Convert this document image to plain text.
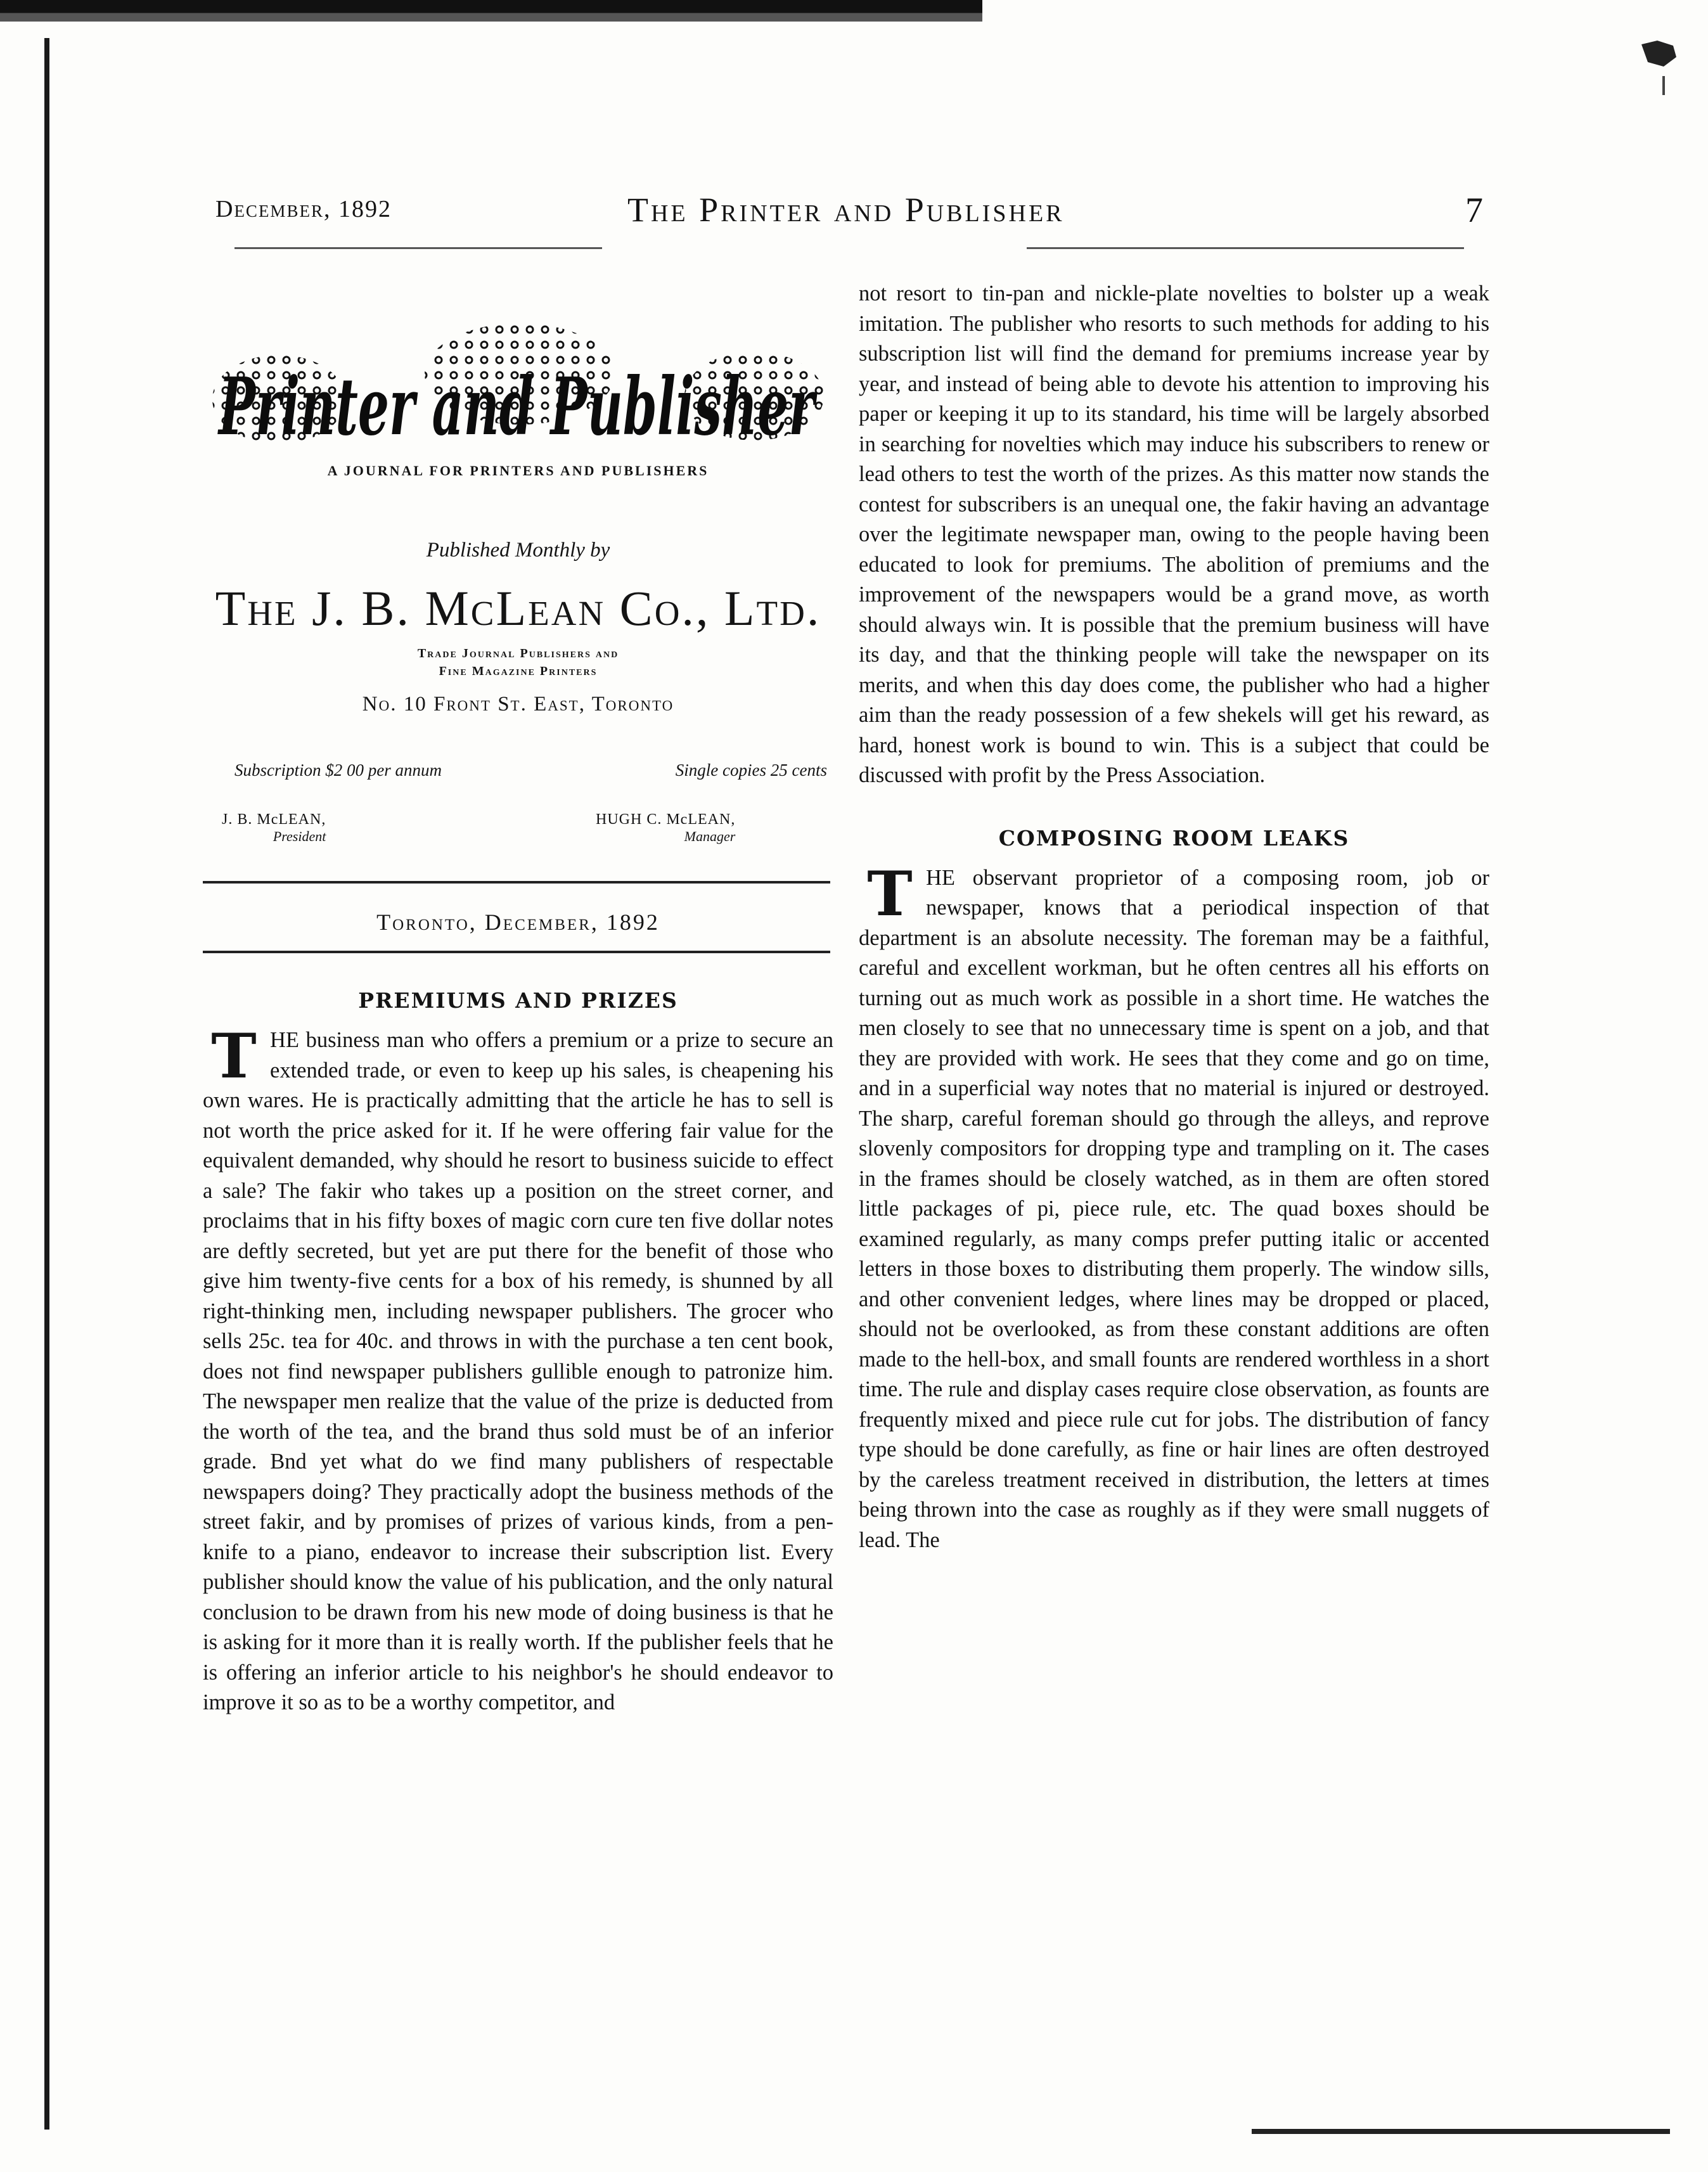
December, 1892	The Printer and Publisher	7
Printer and Publisher
A JOURNAL FOR PRINTERS AND PUBLISHERS
Published Monthly by
The J. B. McLean Co., Ltd.
Trade Journal Publishers and
Fine Magazine Printers
No. 10 Front St. East, Toronto
Subscription $2 00 per annum	Single copies 25 cents
J. B. McLEAN,
President
HUGH C. McLEAN,
Manager
Toronto, December, 1892
PREMIUMS AND PRIZES

THE business man who offers a premium or a prize to secure an extended trade, or even to keep up his sales, is cheapening his own wares. He is practically admitting that the article he has to sell is not worth the price asked for it. If he were offering fair value for the equivalent demanded, why should he resort to business suicide to effect a sale? The fakir who takes up a position on the street corner, and proclaims that in his fifty boxes of magic corn cure ten five dollar notes are deftly secreted, but yet are put there for the benefit of those who give him twenty-five cents for a box of his remedy, is shunned by all right-thinking men, including newspaper publishers. The grocer who sells 25c. tea for 40c. and throws in with the purchase a ten cent book, does not find newspaper publishers gullible enough to patronize him. The newspaper men realize that the value of the prize is deducted from the worth of the tea, and the brand thus sold must be of an inferior grade. Bnd yet what do we find many publishers of respectable newspapers doing? They practically adopt the business methods of the street fakir, and by promises of prizes of various kinds, from a pen-knife to a piano, endeavor to increase their subscription list. Every publisher should know the value of his publication, and the only natural conclusion to be drawn from his new mode of doing business is that he is asking for it more than it is really worth. If the publisher feels that he is offering an inferior article to his neighbor's he should endeavor to improve it so as to be a worthy competitor, and

not resort to tin-pan and nickle-plate novelties to bolster up a weak imitation. The publisher who resorts to such methods for adding to his subscription list will find the demand for premiums increase year by year, and instead of being able to devote his attention to improving his paper or keeping it up to its standard, his time will be largely absorbed in searching for novelties which may induce his subscribers to renew or lead others to test the worth of the prizes. As this matter now stands the contest for subscribers is an unequal one, the fakir having an advantage over the legitimate newspaper man, owing to the people having been educated to look for premiums. The abolition of premiums and the improvement of the newspapers would be a grand move, as worth should always win. It is possible that the premium business will have its day, and that the thinking people will take the newspaper on its merits, and when this day does come, the publisher who had a higher aim than the ready possession of a few shekels will get his reward, as hard, honest work is bound to win. This is a subject that could be discussed with profit by the Press Association.

COMPOSING ROOM LEAKS

THE observant proprietor of a composing room, job or newspaper, knows that a periodical inspection of that department is an absolute necessity. The foreman may be a faithful, careful and excellent workman, but he often centres all his efforts on turning out as much work as possible in a short time. He watches the men closely to see that no unnecessary time is spent on a job, and that they are provided with work. He sees that they come and go on time, and in a superficial way notes that no material is injured or destroyed. The sharp, careful foreman should go through the alleys, and reprove slovenly compositors for dropping type and trampling on it. The cases in the frames should be closely watched, as in them are often stored little packages of pi, piece rule, etc. The quad boxes should be examined regularly, as many comps prefer putting italic or accented letters in those boxes to distributing them properly. The window sills, and other convenient ledges, where lines may be dropped or placed, should not be overlooked, as from these constant additions are often made to the hell-box, and small founts are rendered worthless in a short time. The rule and display cases require close observation, as founts are frequently mixed and piece rule cut for jobs. The distribution of fancy type should be done carefully, as fine or hair lines are often destroyed by the careless treatment received in distribution, the letters at times being thrown into the case as roughly as if they were small nuggets of lead. The
